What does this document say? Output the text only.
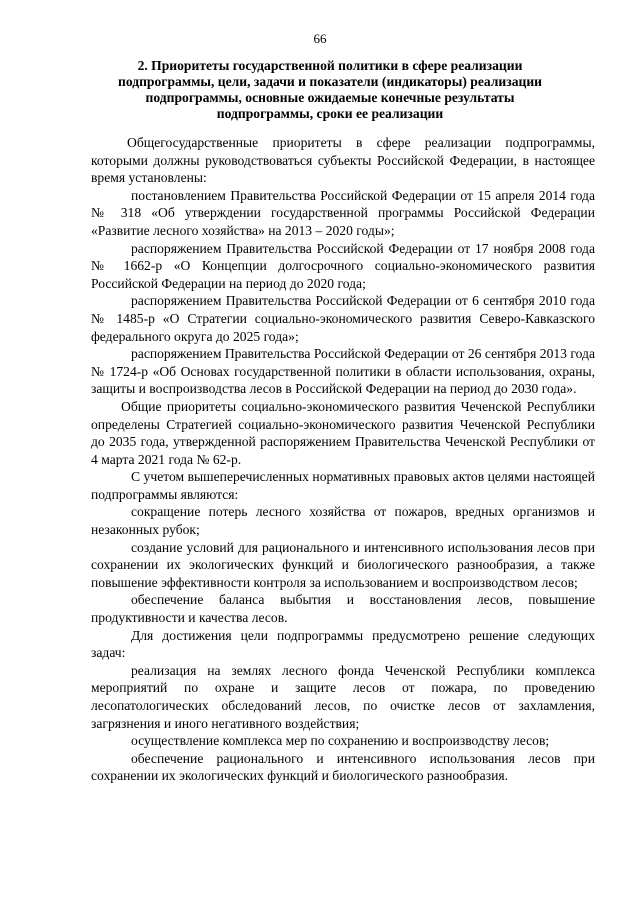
66
2. Приоритеты государственной политики в сфере реализации подпрограммы, цели, задачи и показатели (индикаторы) реализации подпрограммы, основные ожидаемые конечные результаты подпрограммы, сроки ее реализации

Общегосударственные приоритеты в сфере реализации подпрограммы, которыми должны руководствоваться субъекты Российской Федерации, в настоящее время установлены:

постановлением Правительства Российской Федерации от 15 апреля 2014 года № 318 «Об утверждении государственной программы Российской Федерации «Развитие лесного хозяйства» на 2013 – 2020 годы»;

распоряжением Правительства Российской Федерации от 17 ноября 2008 года № 1662-р «О Концепции долгосрочного социально-экономического развития Российской Федерации на период до 2020 года;

распоряжением Правительства Российской Федерации от 6 сентября 2010 года № 1485-р «О Стратегии социально-экономического развития Северо-Кавказского федерального округа до 2025 года»;

распоряжением Правительства Российской Федерации от 26 сентября 2013 года № 1724-р «Об Основах государственной политики в области использования, охраны, защиты и воспроизводства лесов в Российской Федерации на период до 2030 года».

Общие приоритеты социально-экономического развития Чеченской Республики определены Стратегией социально-экономического развития Чеченской Республики до 2035 года, утвержденной распоряжением Правительства Чеченской Республики от 4 марта 2021 года № 62-р.

С учетом вышеперечисленных нормативных правовых актов целями настоящей подпрограммы являются:

сокращение потерь лесного хозяйства от пожаров, вредных организмов и незаконных рубок;

создание условий для рационального и интенсивного использования лесов при сохранении их экологических функций и биологического разнообразия, а также повышение эффективности контроля за использованием и воспроизводством лесов;

обеспечение баланса выбытия и восстановления лесов, повышение продуктивности и качества лесов.

Для достижения цели подпрограммы предусмотрено решение следующих задач:

реализация на землях лесного фонда Чеченской Республики комплекса мероприятий по охране и защите лесов от пожара, по проведению лесопатологических обследований лесов, по очистке лесов от захламления, загрязнения и иного негативного воздействия;

осуществление комплекса мер по сохранению и воспроизводству лесов;

обеспечение рационального и интенсивного использования лесов при сохранении их экологических функций и биологического разнообразия.
